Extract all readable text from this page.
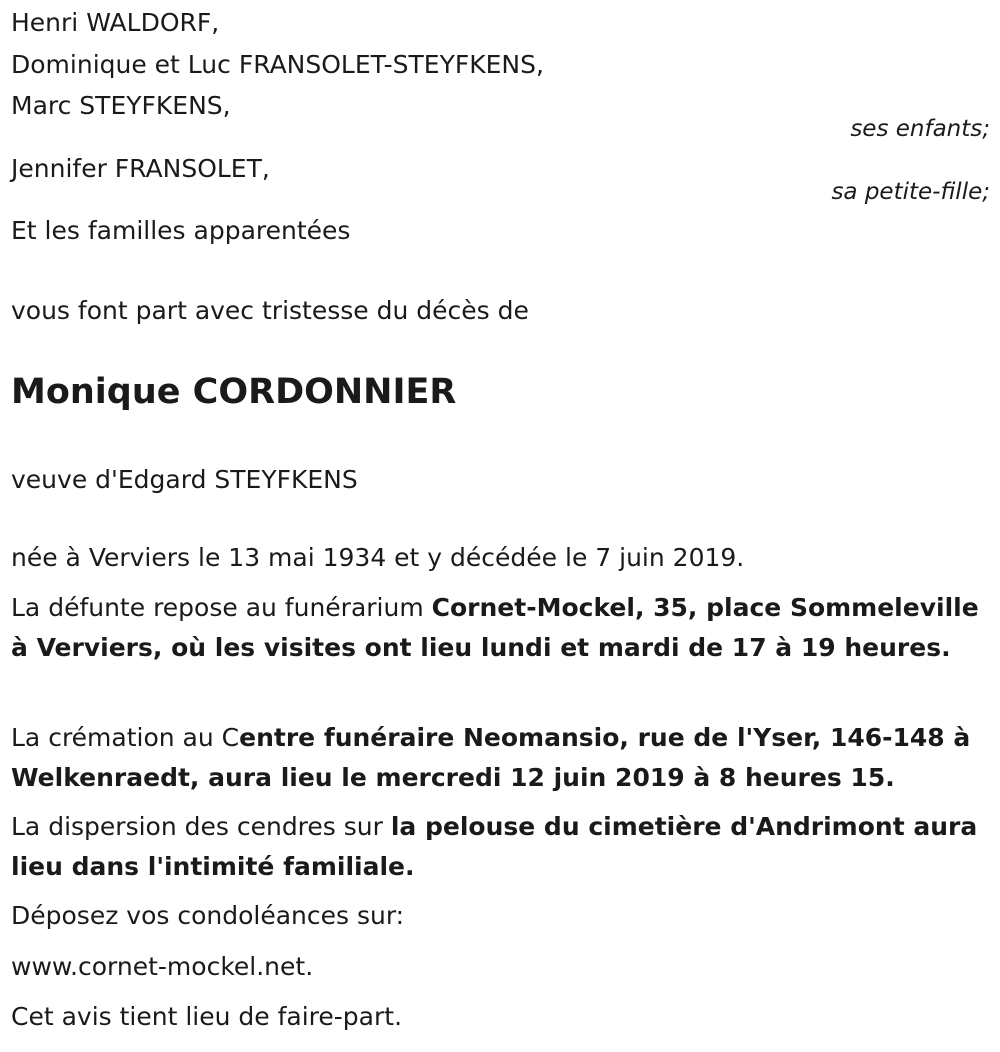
Henri WALDORF,
Dominique et Luc FRANSOLET-STEYFKENS,
Marc STEYFKENS,
ses enfants;
Jennifer FRANSOLET,
sa petite-fille;
Et les familles apparentées
vous font part avec tristesse du décès de
Monique CORDONNIER
veuve d'Edgard STEYFKENS
née à Verviers le 13 mai 1934 et y décédée le 7 juin 2019.
La défunte repose au funérarium Cornet-Mockel, 35, place Sommeleville à Verviers, où les visites ont lieu lundi et mardi de 17 à 19 heures.
La crémation au Centre funéraire Neomansio, rue de l'Yser, 146-148 à Welkenraedt, aura lieu le mercredi 12 juin 2019 à 8 heures 15.
La dispersion des cendres sur la pelouse du cimetière d'Andrimont aura lieu dans l'intimité familiale.
Déposez vos condoléances sur:
www.cornet-mockel.net.
Cet avis tient lieu de faire-part.
